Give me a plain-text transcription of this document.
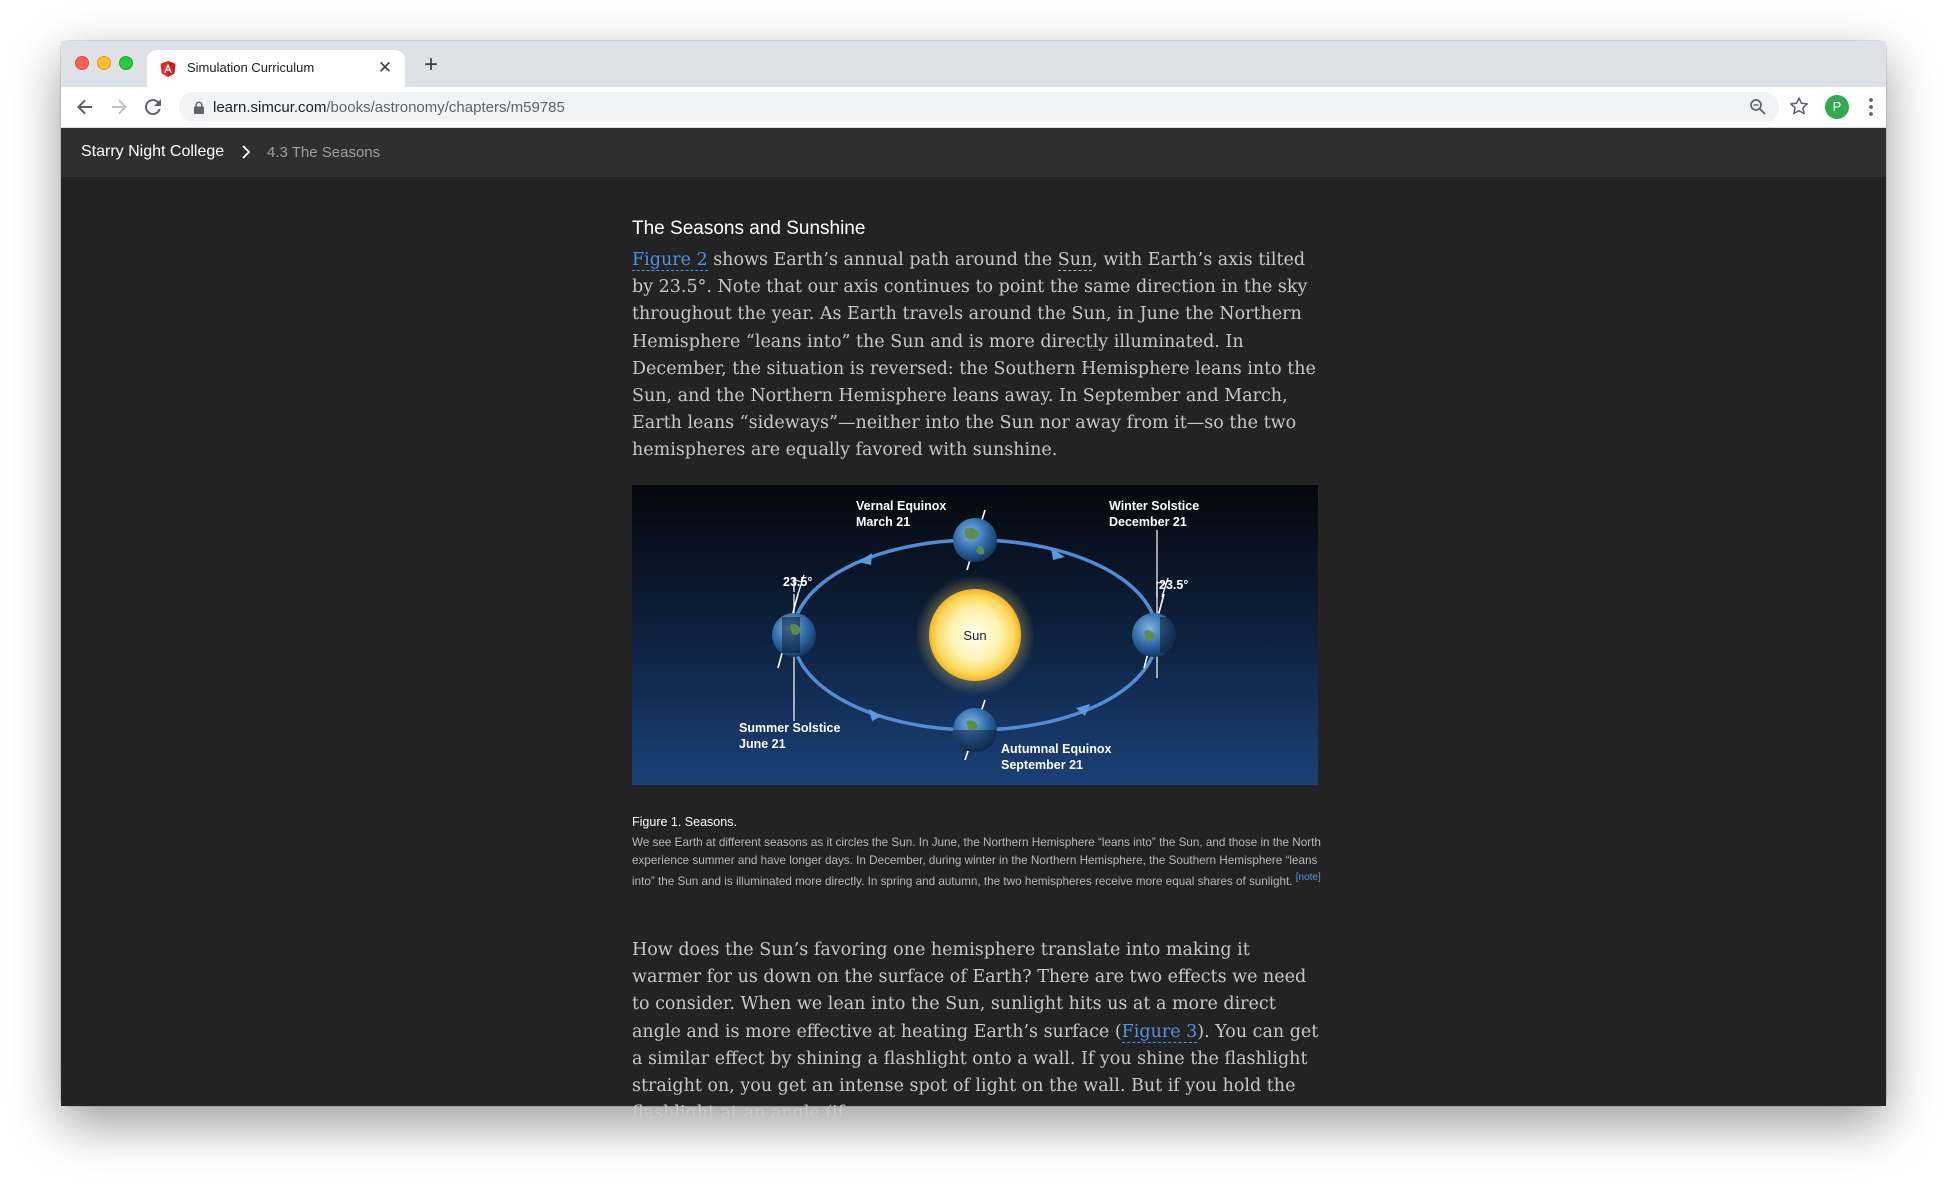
Simulation Curriculum	✕ +
learn.simcur.com/books/astronomy/chapters/m59785	P
Starry Night College	4.3 The Seasons
The Seasons and Sunshine

Figure 2 shows Earth’s annual path around the Sun, with Earth’s axis tilted by 23.5°. Note that our axis continues to point the same direction in the sky throughout the year. As Earth travels around the Sun, in June the Northern Hemisphere “leans into” the Sun and is more directly illuminated. In December, the situation is reversed: the Southern Hemisphere leans into the Sun, and the Northern Hemisphere leans away. In September and March, Earth leans “sideways”—neither into the Sun nor away from it—so the two hemispheres are equally favored with sunshine.

Sun
Vernal Equinox
March 21
Winter Solstice
December 21
Summer Solstice
June 21	Autumnal Equinox
September 21
23.5°	23.5°
Figure 1. Seasons.
We see Earth at different seasons as it circles the Sun. In June, the Northern Hemisphere “leans into” the Sun, and those in the North experience summer and have longer days. In December, during winter in the Northern Hemisphere, the Southern Hemisphere “leans into” the Sun and is illuminated more directly. In spring and autumn, the two hemispheres receive more equal shares of sunlight. [note]

How does the Sun’s favoring one hemisphere translate into making it warmer for us down on the surface of Earth? There are two effects we need to consider. When we lean into the Sun, sunlight hits us at a more direct angle and is more effective at heating Earth’s surface (Figure 3). You can get a similar effect by shining a flashlight onto a wall. If you shine the flashlight straight on, you get an intense spot of light on the wall. But if you hold the flashlight at an angle (if
